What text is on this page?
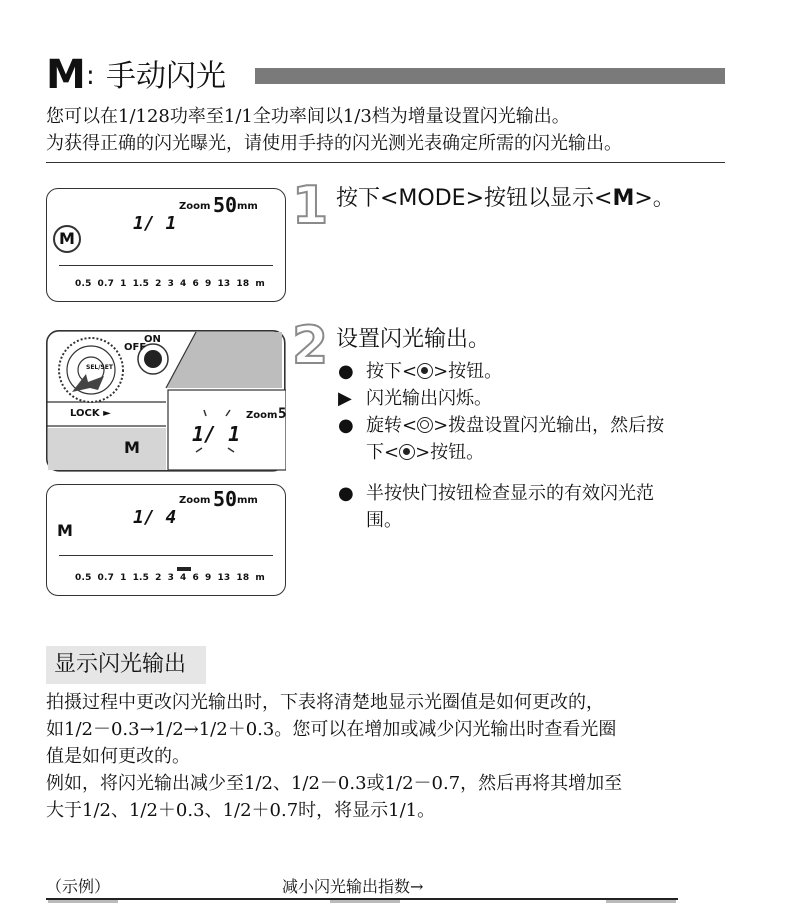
M : 手动闪光
您可以在1/128功率至1/1全功率间以1/3档为增量设置闪光输出。
为获得正确的闪光曝光，请使用手持的闪光测光表确定所需的闪光输出。
M
Zoom 50 mm
1/ 1
0.5 0.7 1 1.5 2 3 4 6 9 13 18 m
SEL/SET
OFF
ON
LOCK ►
M
Zoom 5
1/ 1
Zoom 50 mm
1/ 4
M
0.5 0.7 1 1.5 2 3 4 6 9 13 18 m
1 按下<MODE>按钮以显示<M>。
2 设置闪光输出。
● 按下< >按钮。
▶ 闪光输出闪烁。
● 旋转< >拨盘设置闪光输出，然后按
下< >按钮。
● 半按快门按钮检查显示的有效闪光范
围。
显示闪光输出
拍摄过程中更改闪光输出时，下表将清楚地显示光圈值是如何更改的，
如1/2－0.3→1/2→1/2＋0.3。您可以在增加或减少闪光输出时查看光圈
值是如何更改的。
例如，将闪光输出减少至1/2、1/2－0.3或1/2－0.7，然后再将其增加至
大于1/2、1/2＋0.3、1/2＋0.7时，将显示1/1。
（示例）	减小闪光输出指数→
